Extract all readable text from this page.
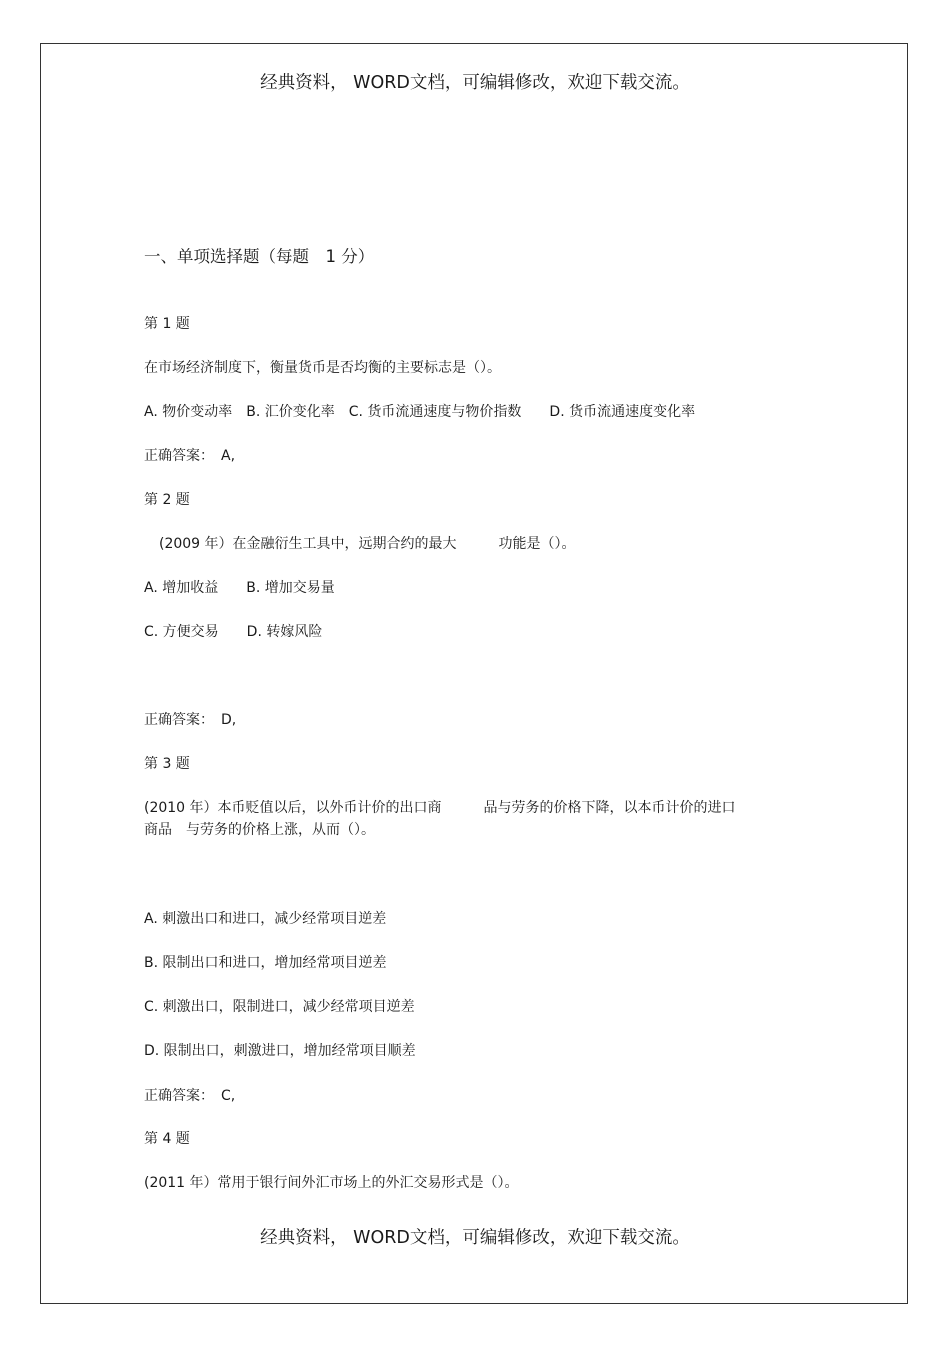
经典资料， WORD文档，可编辑修改，欢迎下载交流。
一、单项选择题（每题　1 分）
第 1 题
在市场经济制度下，衡量货币是否均衡的主要标志是（）。
A. 物价变动率　B. 汇价变化率　C. 货币流通速度与物价指数　　D. 货币流通速度变化率
正确答案：　A,
第 2 题
(2009 年）在金融衍生工具中，远期合约的最大　　　功能是（）。
A. 增加收益　　B. 增加交易量
C. 方便交易　　D. 转嫁风险
正确答案：　D,
第 3 题
(2010 年）本币贬值以后，以外币计价的出口商　　　品与劳务的价格下降，以本币计价的进口
商品　与劳务的价格上涨，从而（）。
A. 刺激出口和进口，减少经常项目逆差
B. 限制出口和进口，增加经常项目逆差
C. 刺激出口，限制进口，减少经常项目逆差
D. 限制出口，刺激进口，增加经常项目顺差
正确答案：　C,
第 4 题
(2011 年）常用于银行间外汇市场上的外汇交易形式是（）。
经典资料， WORD文档，可编辑修改，欢迎下载交流。
